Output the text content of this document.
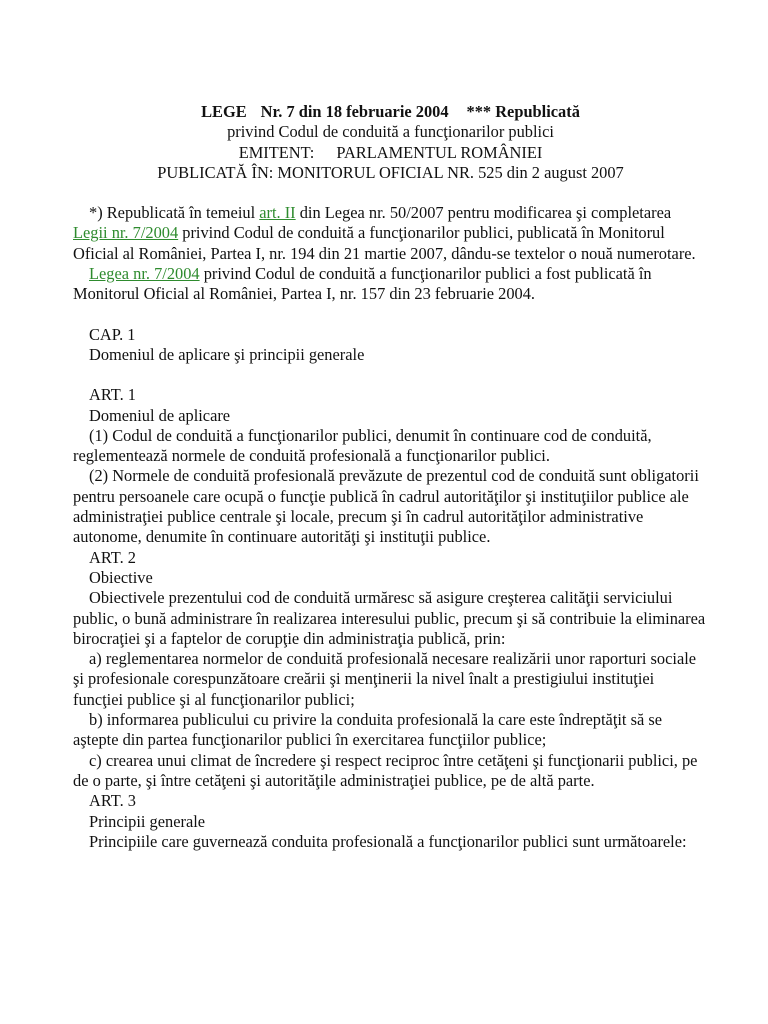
LEGE Nr. 7 din 18 februarie 2004 *** Republicată
privind Codul de conduită a funcţionarilor publici
EMITENT: PARLAMENTUL ROMÂNIEI
PUBLICATĂ ÎN: MONITORUL OFICIAL NR. 525 din 2 august 2007

*) Republicată în temeiul art. II din Legea nr. 50/2007 pentru modificarea şi completarea Legii nr. 7/2004 privind Codul de conduită a funcţionarilor publici, publicată în Monitorul Oficial al României, Partea I, nr. 194 din 21 martie 2007, dându-se textelor o nouă numerotare.

Legea nr. 7/2004 privind Codul de conduită a funcţionarilor publici a fost publicată în Monitorul Oficial al României, Partea I, nr. 157 din 23 februarie 2004.

CAP. 1

Domeniul de aplicare şi principii generale

ART. 1

Domeniul de aplicare

(1) Codul de conduită a funcţionarilor publici, denumit în continuare cod de conduită, reglementează normele de conduită profesională a funcţionarilor publici.

(2) Normele de conduită profesională prevăzute de prezentul cod de conduită sunt obligatorii pentru persoanele care ocupă o funcţie publică în cadrul autorităţilor şi instituţiilor publice ale administraţiei publice centrale şi locale, precum şi în cadrul autorităţilor administrative autonome, denumite în continuare autorităţi şi instituţii publice.

ART. 2

Obiective

Obiectivele prezentului cod de conduită urmăresc să asigure creşterea calităţii serviciului public, o bună administrare în realizarea interesului public, precum şi să contribuie la eliminarea birocraţiei şi a faptelor de corupţie din administraţia publică, prin:

a) reglementarea normelor de conduită profesională necesare realizării unor raporturi sociale şi profesionale corespunzătoare creării şi menţinerii la nivel înalt a prestigiului instituţiei funcţiei publice şi al funcţionarilor publici;

b) informarea publicului cu privire la conduita profesională la care este îndreptăţit să se aştepte din partea funcţionarilor publici în exercitarea funcţiilor publice;

c) crearea unui climat de încredere şi respect reciproc între cetăţeni şi funcţionarii publici, pe de o parte, şi între cetăţeni şi autorităţile administraţiei publice, pe de altă parte.

ART. 3

Principii generale

Principiile care guvernează conduita profesională a funcţionarilor publici sunt următoarele:
